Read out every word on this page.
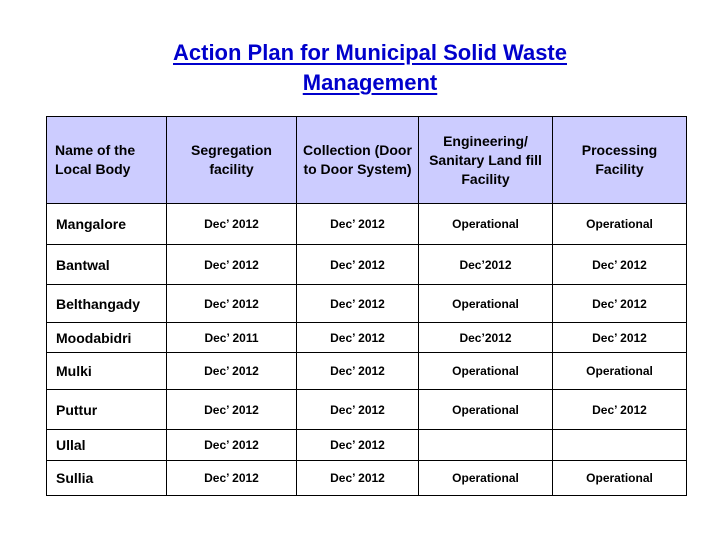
Action Plan for Municipal Solid Waste
Management
Name of the Local Body	Segregation facility	Collection (Door to Door System)	Engineering/ Sanitary Land fill Facility	Processing Facility
Mangalore	Dec’ 2012	Dec’ 2012	Operational	Operational
Bantwal	Dec’ 2012	Dec’ 2012	Dec’2012	Dec’ 2012
Belthangady	Dec’ 2012	Dec’ 2012	Operational	Dec’ 2012
Moodabidri	Dec’ 2011	Dec’ 2012	Dec’2012	Dec’ 2012
Mulki	Dec’ 2012	Dec’ 2012	Operational	Operational
Puttur	Dec’ 2012	Dec’ 2012	Operational	Dec’ 2012
Ullal	Dec’ 2012	Dec’ 2012		
Sullia	Dec’ 2012	Dec’ 2012	Operational	Operational
